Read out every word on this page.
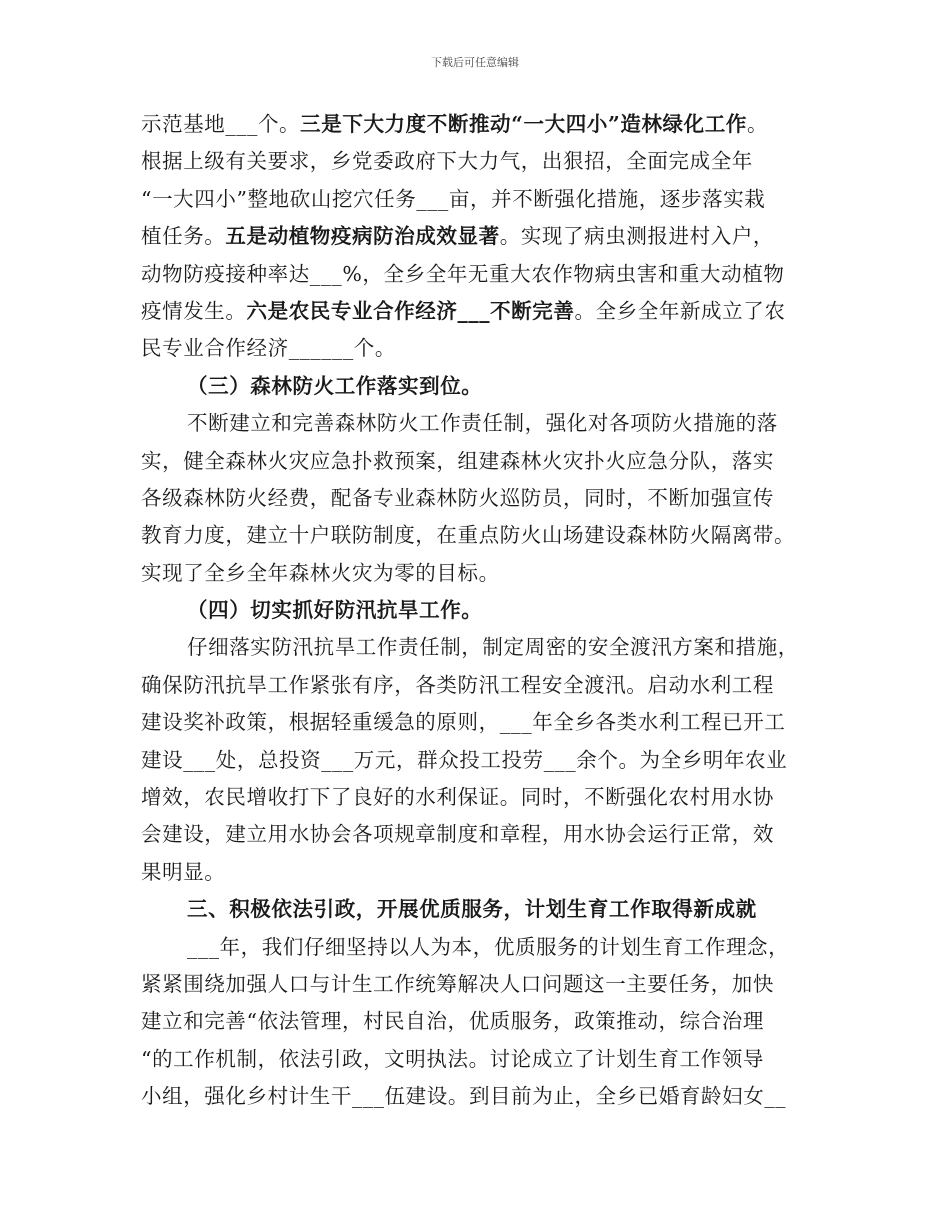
下载后可任意编辑
示范基地___个。三是下大力度不断推动“一大四小”造林绿化工作。
根据上级有关要求，乡党委政府下大力气，出狠招，全面完成全年
“一大四小”整地砍山挖穴任务___亩，并不断强化措施，逐步落实栽
植任务。五是动植物疫病防治成效显著。实现了病虫测报进村入户，
动物防疫接种率达___%，全乡全年无重大农作物病虫害和重大动植物
疫情发生。六是农民专业合作经济___不断完善。全乡全年新成立了农
民专业合作经济______个。
（三）森林防火工作落实到位。
不断建立和完善森林防火工作责任制，强化对各项防火措施的落
实，健全森林火灾应急扑救预案，组建森林火灾扑火应急分队，落实
各级森林防火经费，配备专业森林防火巡防员，同时，不断加强宣传
教育力度，建立十户联防制度，在重点防火山场建设森林防火隔离带。
实现了全乡全年森林火灾为零的目标。
（四）切实抓好防汛抗旱工作。
仔细落实防汛抗旱工作责任制，制定周密的安全渡汛方案和措施，
确保防汛抗旱工作紧张有序，各类防汛工程安全渡汛。启动水利工程
建设奖补政策，根据轻重缓急的原则，___年全乡各类水利工程已开工
建设___处，总投资___万元，群众投工投劳___余个。为全乡明年农业
增效，农民增收打下了良好的水利保证。同时，不断强化农村用水协
会建设，建立用水协会各项规章制度和章程，用水协会运行正常，效
果明显。
三、积极依法引政，开展优质服务，计划生育工作取得新成就
___年，我们仔细坚持以人为本，优质服务的计划生育工作理念，
紧紧围绕加强人口与计生工作统筹解决人口问题这一主要任务，加快
建立和完善“依法管理，村民自治，优质服务，政策推动，综合治理
“的工作机制，依法引政，文明执法。讨论成立了计划生育工作领导
小组，强化乡村计生干___伍建设。到目前为止，全乡已婚育龄妇女__
